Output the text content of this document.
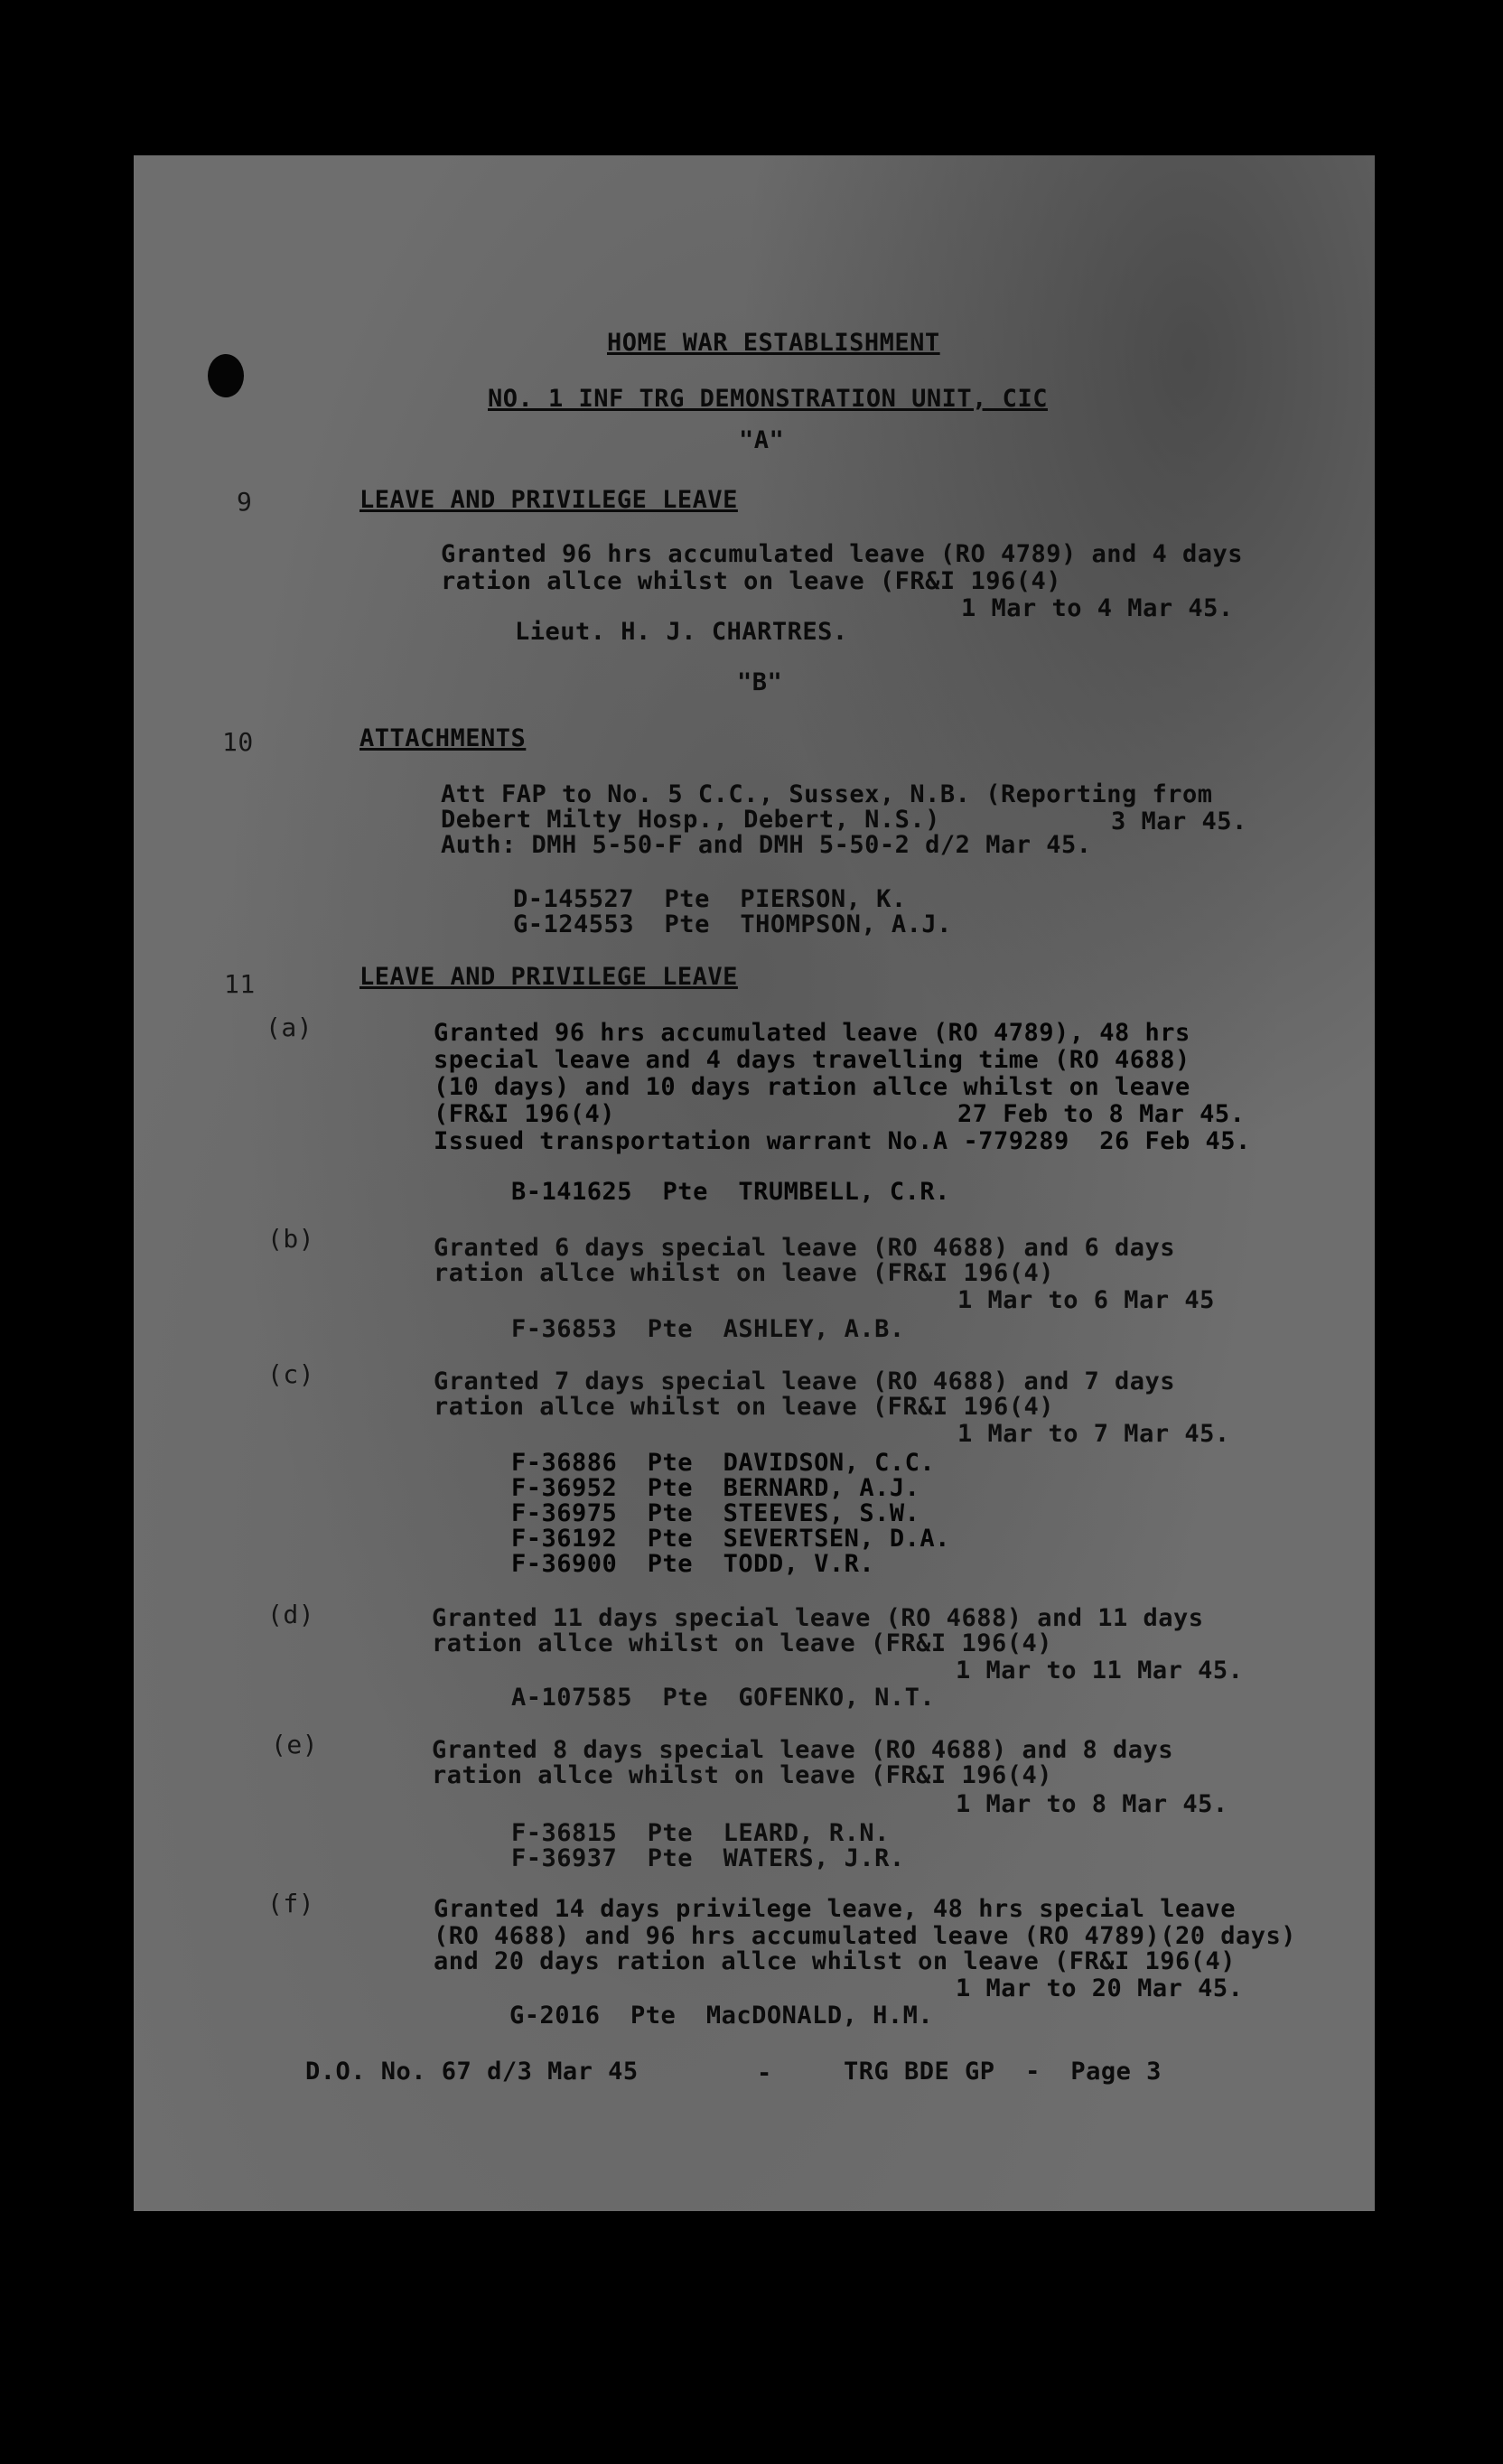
HOME WAR ESTABLISHMENT
NO. 1 INF TRG DEMONSTRATION UNIT, CIC
"A"
9	LEAVE AND PRIVILEGE LEAVE
Granted 96 hrs accumulated leave (RO 4789) and 4 days
ration allce whilst on leave (FR&I 196(4)
1 Mar to 4 Mar 45.
Lieut. H. J. CHARTRES.
"B"
10	ATTACHMENTS
Att FAP to No. 5 C.C., Sussex, N.B. (Reporting from
Debert Milty Hosp., Debert, N.S.)	3 Mar 45.
Auth: DMH 5-50-F and DMH 5-50-2 d/2 Mar 45.
D-145527  Pte  PIERSON, K.
G-124553  Pte  THOMPSON, A.J.
11	LEAVE AND PRIVILEGE LEAVE
(a)	Granted 96 hrs accumulated leave (RO 4789), 48 hrs
special leave and 4 days travelling time (RO 4688)
(10 days) and 10 days ration allce whilst on leave
(FR&I 196(4)	27 Feb to 8 Mar 45.
Issued transportation warrant No.A -779289  26 Feb 45.
B-141625  Pte  TRUMBELL, C.R.
(b)	Granted 6 days special leave (RO 4688) and 6 days
ration allce whilst on leave (FR&I 196(4)
1 Mar to 6 Mar 45
F-36853  Pte  ASHLEY, A.B.
(c)	Granted 7 days special leave (RO 4688) and 7 days
ration allce whilst on leave (FR&I 196(4)
1 Mar to 7 Mar 45.
F-36886  Pte  DAVIDSON, C.C.
F-36952  Pte  BERNARD, A.J.
F-36975  Pte  STEEVES, S.W.
F-36192  Pte  SEVERTSEN, D.A.
F-36900  Pte  TODD, V.R.
(d)	Granted 11 days special leave (RO 4688) and 11 days
ration allce whilst on leave (FR&I 196(4)
1 Mar to 11 Mar 45.
A-107585  Pte  GOFENKO, N.T.
(e)	Granted 8 days special leave (RO 4688) and 8 days
ration allce whilst on leave (FR&I 196(4)
1 Mar to 8 Mar 45.
F-36815  Pte  LEARD, R.N.
F-36937  Pte  WATERS, J.R.
(f)	Granted 14 days privilege leave, 48 hrs special leave
(RO 4688) and 96 hrs accumulated leave (RO 4789)(20 days)
and 20 days ration allce whilst on leave (FR&I 196(4)
1 Mar to 20 Mar 45.
G-2016  Pte  MacDONALD, H.M.
D.O. No. 67 d/3 Mar 45	-	TRG BDE GP  -  Page 3
